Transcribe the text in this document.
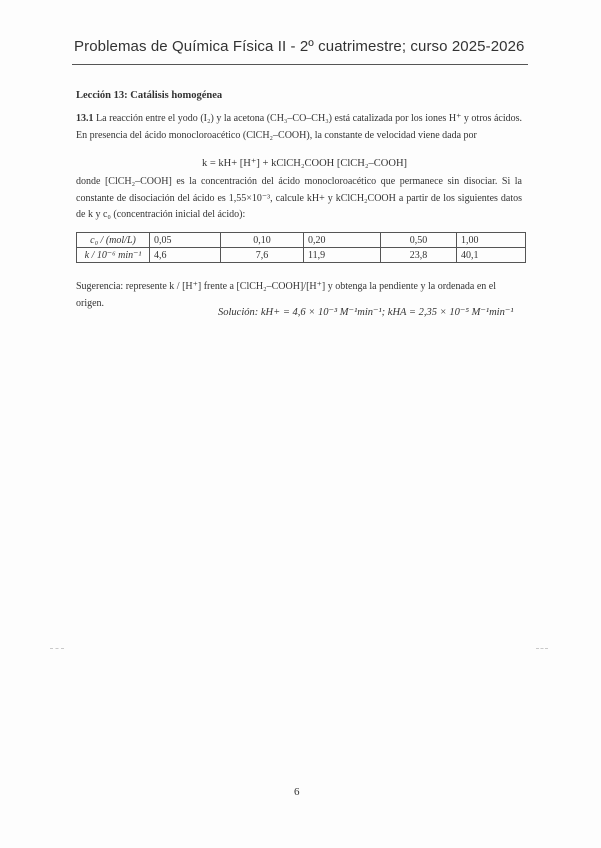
Problemas de Química Física II - 2º cuatrimestre; curso 2025-2026
Lección 13: Catálisis homogénea
13.1 La reacción entre el yodo (I₂) y la acetona (CH₃–CO–CH₃) está catalizada por los iones H⁺ y otros ácidos. En presencia del ácido monocloroacético (ClCH₂–COOH), la constante de velocidad viene dada por
k = kH+ [H⁺] + kClCH₂COOH [ClCH₂–COOH]
donde [ClCH₂–COOH] es la concentración del ácido monocloroacético que permanece sin disociar. Si la constante de disociación del ácido es 1,55×10⁻³, calcule kH+ y kClCH₂COOH a partir de los siguientes datos de k y c₀ (concentración inicial del ácido):
c₀ / (mol/L)	0,05	0,10	0,20	0,50	1,00
k / 10⁻⁶ min⁻¹	4,6	7,6	11,9	23,8	40,1
Sugerencia: represente k / [H⁺] frente a [ClCH₂–COOH]/[H⁺] y obtenga la pendiente y la ordenada en el origen.
Solución: kH+ = 4,6 × 10⁻³ M⁻¹min⁻¹; kHA = 2,35 × 10⁻⁵ M⁻¹min⁻¹
6
